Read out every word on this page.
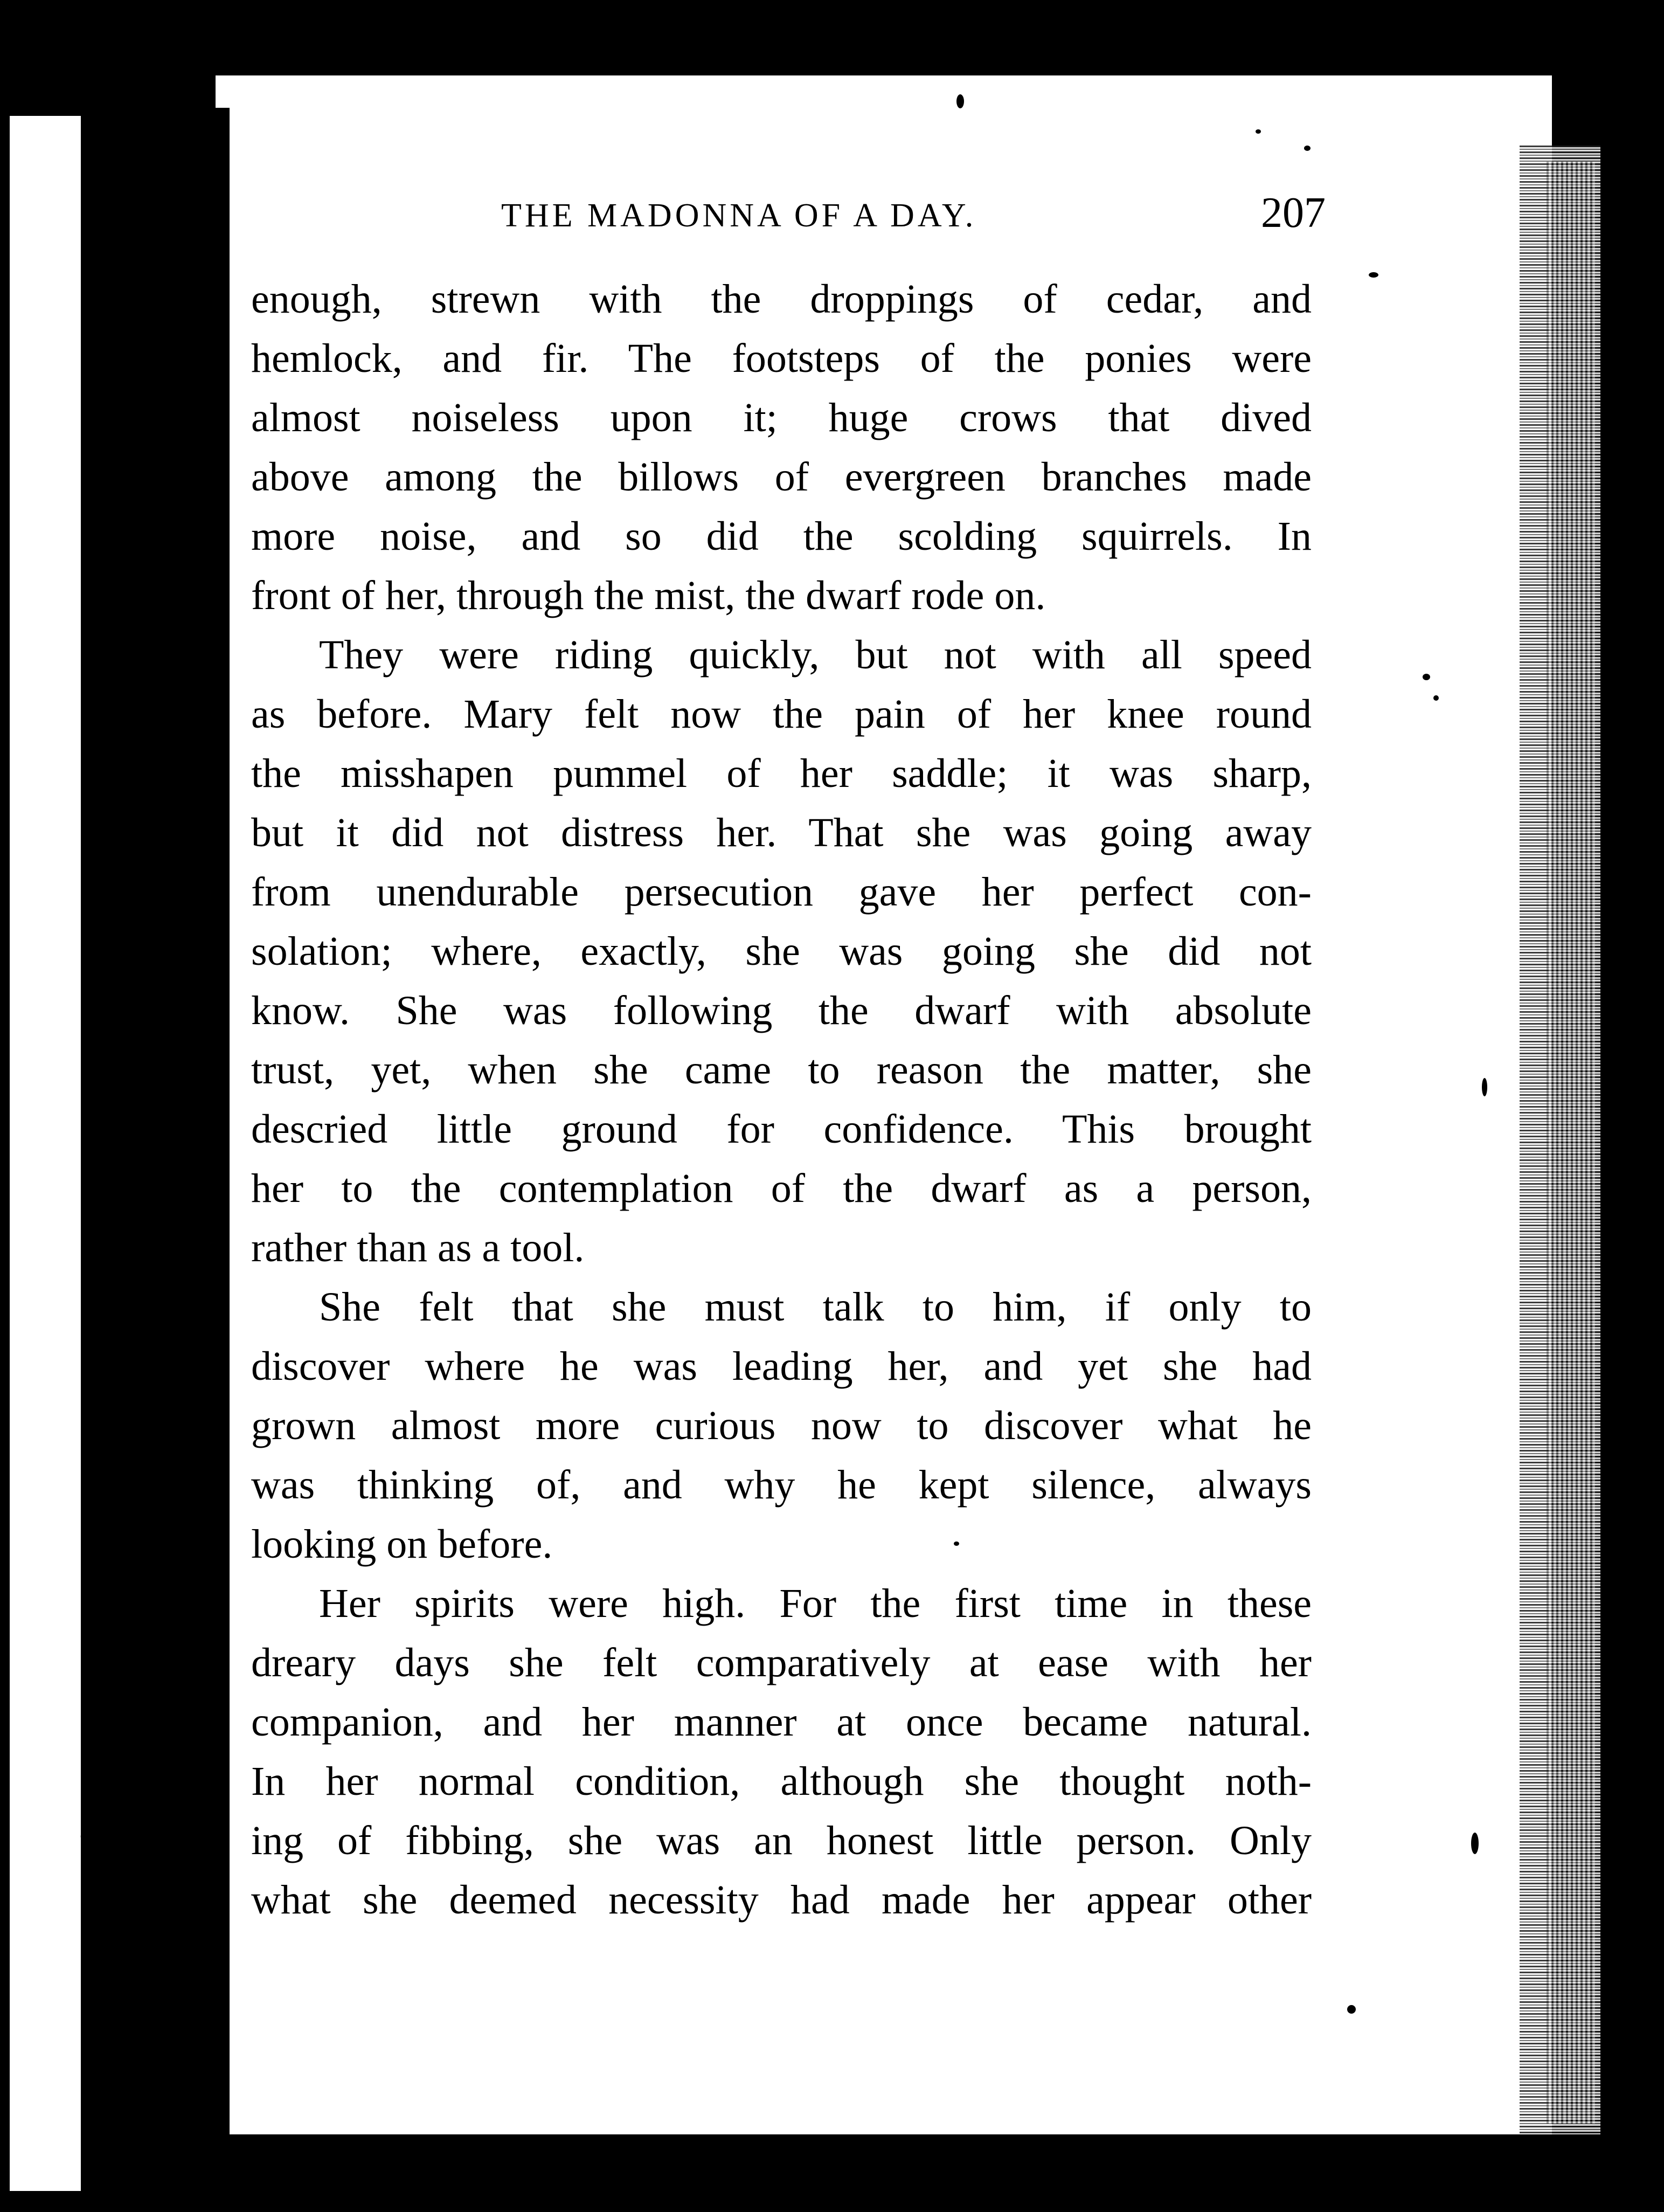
THE MADONNA OF A DAY.	207
enough, strewn with the droppings of cedar, and
hemlock, and fir. The footsteps of the ponies were
almost noiseless upon it; huge crows that dived
above among the billows of evergreen branches made
more noise, and so did the scolding squirrels. In
front of her, through the mist, the dwarf rode on.
They were riding quickly, but not with all speed
as before. Mary felt now the pain of her knee round
the misshapen pummel of her saddle; it was sharp,
but it did not distress her. That she was going away
from unendurable persecution gave her perfect con-
solation; where, exactly, she was going she did not
know. She was following the dwarf with absolute
trust, yet, when she came to reason the matter, she
descried little ground for confidence. This brought
her to the contemplation of the dwarf as a person,
rather than as a tool.
She felt that she must talk to him, if only to
discover where he was leading her, and yet she had
grown almost more curious now to discover what he
was thinking of, and why he kept silence, always
looking on before.
Her spirits were high. For the first time in these
dreary days she felt comparatively at ease with her
companion, and her manner at once became natural.
In her normal condition, although she thought noth-
ing of fibbing, she was an honest little person. Only
what she deemed necessity had made her appear other
